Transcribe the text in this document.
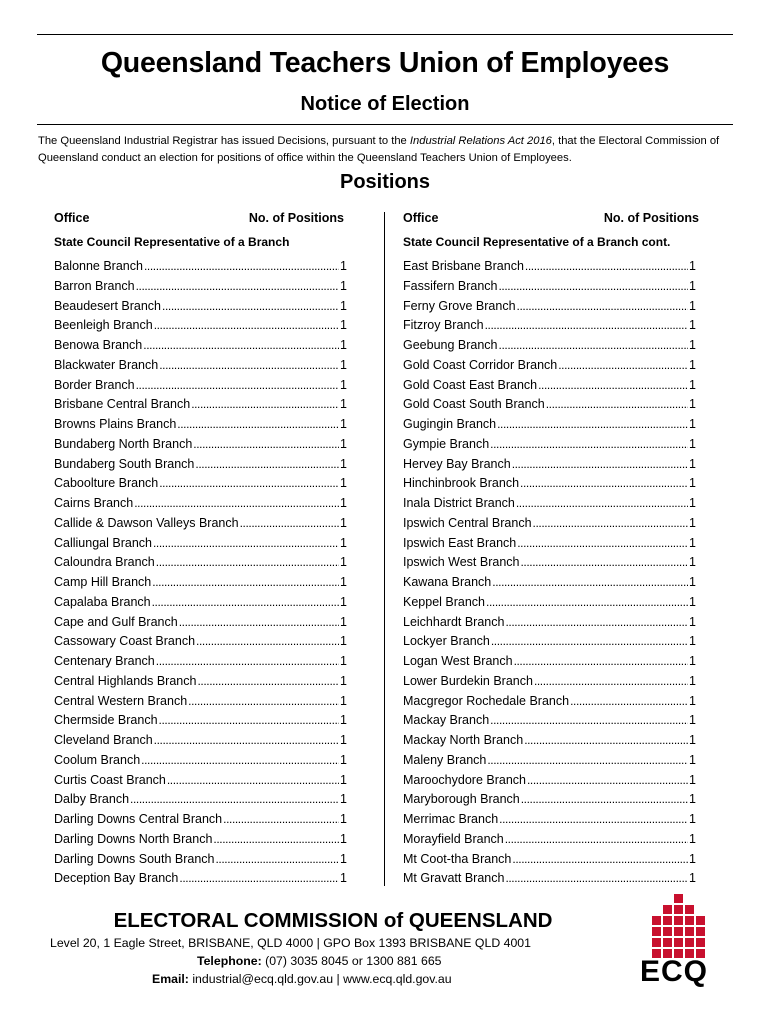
Queensland Teachers Union of Employees
Notice of Election
The Queensland Industrial Registrar has issued Decisions, pursuant to the Industrial Relations Act 2016, that the Electoral Commission of Queensland conduct an election for positions of office within the Queensland Teachers Union of Employees.
Positions
Office	No. of Positions
State Council Representative of a Branch
Balonne Branch .....	1
Barron Branch .....	1
Beaudesert Branch .....	1
Beenleigh Branch .....	1
Benowa Branch .....	1
Blackwater Branch .....	1
Border Branch .....	1
Brisbane Central Branch .....	1
Browns Plains Branch .....	1
Bundaberg North Branch .....	1
Bundaberg South Branch .....	1
Caboolture Branch .....	1
Cairns Branch .....	1
Callide & Dawson Valleys Branch .....	1
Calliungal Branch .....	1
Caloundra Branch .....	1
Camp Hill Branch .....	1
Capalaba Branch .....	1
Cape and Gulf Branch .....	1
Cassowary Coast Branch .....	1
Centenary Branch .....	1
Central Highlands Branch .....	1
Central Western Branch .....	1
Chermside Branch .....	1
Cleveland Branch .....	1
Coolum Branch .....	1
Curtis Coast Branch .....	1
Dalby Branch .....	1
Darling Downs Central Branch .....	1
Darling Downs North Branch .....	1
Darling Downs South Branch .....	1
Deception Bay Branch .....	1
Office	No. of Positions
State Council Representative of a Branch cont.
East Brisbane Branch .....	1
Fassifern Branch .....	1
Ferny Grove Branch .....	1
Fitzroy Branch .....	1
Geebung Branch .....	1
Gold Coast Corridor Branch .....	1
Gold Coast East Branch .....	1
Gold Coast South Branch .....	1
Gugingin Branch .....	1
Gympie Branch .....	1
Hervey Bay Branch .....	1
Hinchinbrook Branch .....	1
Inala District Branch .....	1
Ipswich Central Branch .....	1
Ipswich East Branch .....	1
Ipswich West Branch .....	1
Kawana Branch .....	1
Keppel Branch .....	1
Leichhardt Branch .....	1
Lockyer Branch .....	1
Logan West Branch .....	1
Lower Burdekin Branch .....	1
Macgregor Rochedale Branch .....	1
Mackay Branch .....	1
Mackay North Branch .....	1
Maleny Branch .....	1
Maroochydore Branch .....	1
Maryborough Branch .....	1
Merrimac Branch .....	1
Morayfield Branch .....	1
Mt Coot-tha Branch .....	1
Mt Gravatt Branch .....	1
ELECTORAL COMMISSION of QUEENSLAND
Level 20, 1 Eagle Street, BRISBANE, QLD 4000 | GPO Box 1393 BRISBANE QLD 4001
Telephone: (07) 3035 8045 or 1300 881 665
Email: industrial@ecq.qld.gov.au | www.ecq.qld.gov.au	ECQ
